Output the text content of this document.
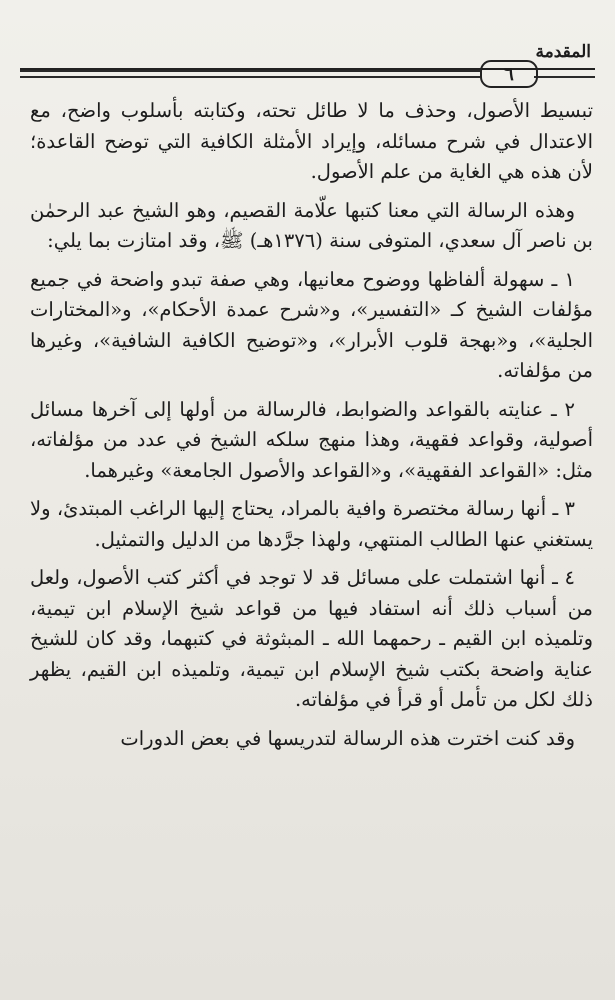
المقدمة
٦

تبسيط الأصول، وحذف ما لا طائل تحته، وكتابته بأسلوب واضح، مع الاعتدال في شرح مسائله، وإيراد الأمثلة الكافية التي توضح القاعدة؛ لأن هذه هي الغاية من علم الأصول.

وهذه الرسالة التي معنا كتبها علّامة القصيم، وهو الشيخ عبد الرحمٰن بن ناصر آل سعدي، المتوفى سنة (١٣٧٦هـ) ﷺ، وقد امتازت بما يلي:

١ ـ سهولة ألفاظها ووضوح معانيها، وهي صفة تبدو واضحة في جميع مؤلفات الشيخ كـ «التفسير»، و«شرح عمدة الأحكام»، و«المختارات الجلية»، و«بهجة قلوب الأبرار»، و«توضيح الكافية الشافية»، وغيرها من مؤلفاته.

٢ ـ عنايته بالقواعد والضوابط، فالرسالة من أولها إلى آخرها مسائل أصولية، وقواعد فقهية، وهذا منهج سلكه الشيخ في عدد من مؤلفاته، مثل: «القواعد الفقهية»، و«القواعد والأصول الجامعة» وغيرهما.

٣ ـ أنها رسالة مختصرة وافية بالمراد، يحتاج إليها الراغب المبتدئ، ولا يستغني عنها الطالب المنتهي، ولهذا جرَّدها من الدليل والتمثيل.

٤ ـ أنها اشتملت على مسائل قد لا توجد في أكثر كتب الأصول، ولعل من أسباب ذلك أنه استفاد فيها من قواعد شيخ الإسلام ابن تيمية، وتلميذه ابن القيم ـ رحمهما الله ـ المبثوثة في كتبهما، وقد كان للشيخ عناية واضحة بكتب شيخ الإسلام ابن تيمية، وتلميذه ابن القيم، يظهر ذلك لكل من تأمل أو قرأ في مؤلفاته.

وقد كنت اخترت هذه الرسالة لتدريسها في بعض الدورات
